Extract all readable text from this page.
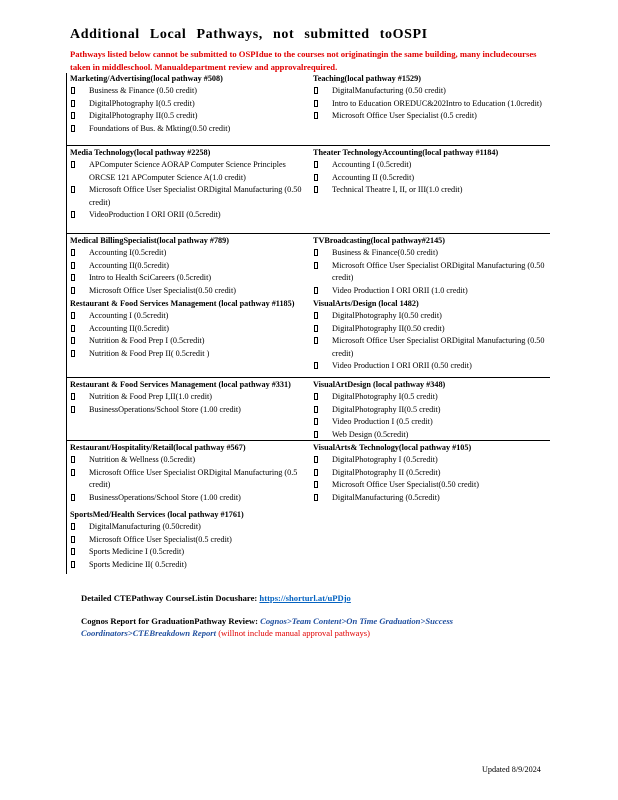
Additional Local Pathways, not submitted toOSPI
Pathways listed below cannot be submitted to OSPIdue to the courses not originatingin the same building, many includecourses taken in middleschool. Manualdepartment review and approvalrequired.

Marketing/Advertising(local pathway #508)

Business & Finance (0.50 credit)
DigitalPhotography I(0.5 credit)
DigitalPhotography II(0.5 credit)
Foundations of Bus. & Mkting(0.50 credit)

Media Technology(local pathway #2258)

APComputer Science AORAP Computer Science Principles ORCSE 121 APComputer Science A(1.0 credit)
Microsoft Office User Specialist ORDigital Manufacturing (0.50 credit)
VideoProduction I ORI ORII (0.5credit)

Medical BillingSpecialist(local pathway #789)

Accounting I(0.5credit)
Accounting II(0.5credit)
Intro to Health SciCareers (0.5credit)
Microsoft Office User Specialist(0.50 credit)

Restaurant & Food Services Management (local pathway #1185)

Accounting I (0.5credit)
Accounting II(0.5credit)
Nutrition & Food Prep I (0.5credit)
Nutrition & Food Prep II( 0.5credit )

Restaurant & Food Services Management (local pathway #331)

Nutrition & Food Prep I,II(1.0 credit)
BusinessOperations/School Store (1.00 credit)

Restaurant/Hospitality/Retail(local pathway #567)

Nutrition & Wellness (0.5credit)
Microsoft Office User Specialist ORDigital Manufacturing (0.5 credit)
BusinessOperations/School Store (1.00 credit)

SportsMed/Health Services (local pathway #1761)

DigitalManufacturing (0.50credit)
Microsoft Office User Specialist(0.5 credit)
Sports Medicine I (0.5credit)
Sports Medicine II( 0.5credit)

Teaching(local pathway #1529)

DigitalManufacturing (0.50 credit)
Intro to Education OREDUC&202Intro to Education (1.0credit)
Microsoft Office User Specialist (0.5 credit)

Theater TechnologyAccounting(local pathway #1184)

Accounting I (0.5credit)
Accounting II (0.5credit)
Technical Theatre I, II, or III(1.0 credit)

TVBroadcasting(local pathway#2145)

Business & Finance(0.50 credit)
Microsoft Office User Specialist ORDigital Manufacturing (0.50 credit)
Video Production I ORI ORII (1.0 credit)

VisualArts/Design (local 1482)

DigitalPhotography I(0.50 credit)
DigitalPhotography II(0.50 credit)
Microsoft Office User Specialist ORDigital Manufacturing (0.50 credit)
Video Production I ORI ORII (0.50 credit)

VisualArtDesign (local pathway #348)

DigitalPhotography I(0.5 credit)
DigitalPhotography II(0.5 credit)
Video Production I (0.5 credit)
Web Design (0.5credit)

VisualArts& Technology(local pathway #105)

DigitalPhotography I (0.5credit)
DigitalPhotography II (0.5credit)
Microsoft Office User Specialist(0.50 credit)
DigitalManufacturing (0.5credit)
Detailed CTEPathway CourseListin Docushare: https://shorturl.at/uPDjo
Cognos Report for GraduationPathway Review: Cognos>Team Content>On Time Graduation>Success Coordinators>CTEBreakdown Report (willnot include manual approval pathways)
Updated 8/9/2024
